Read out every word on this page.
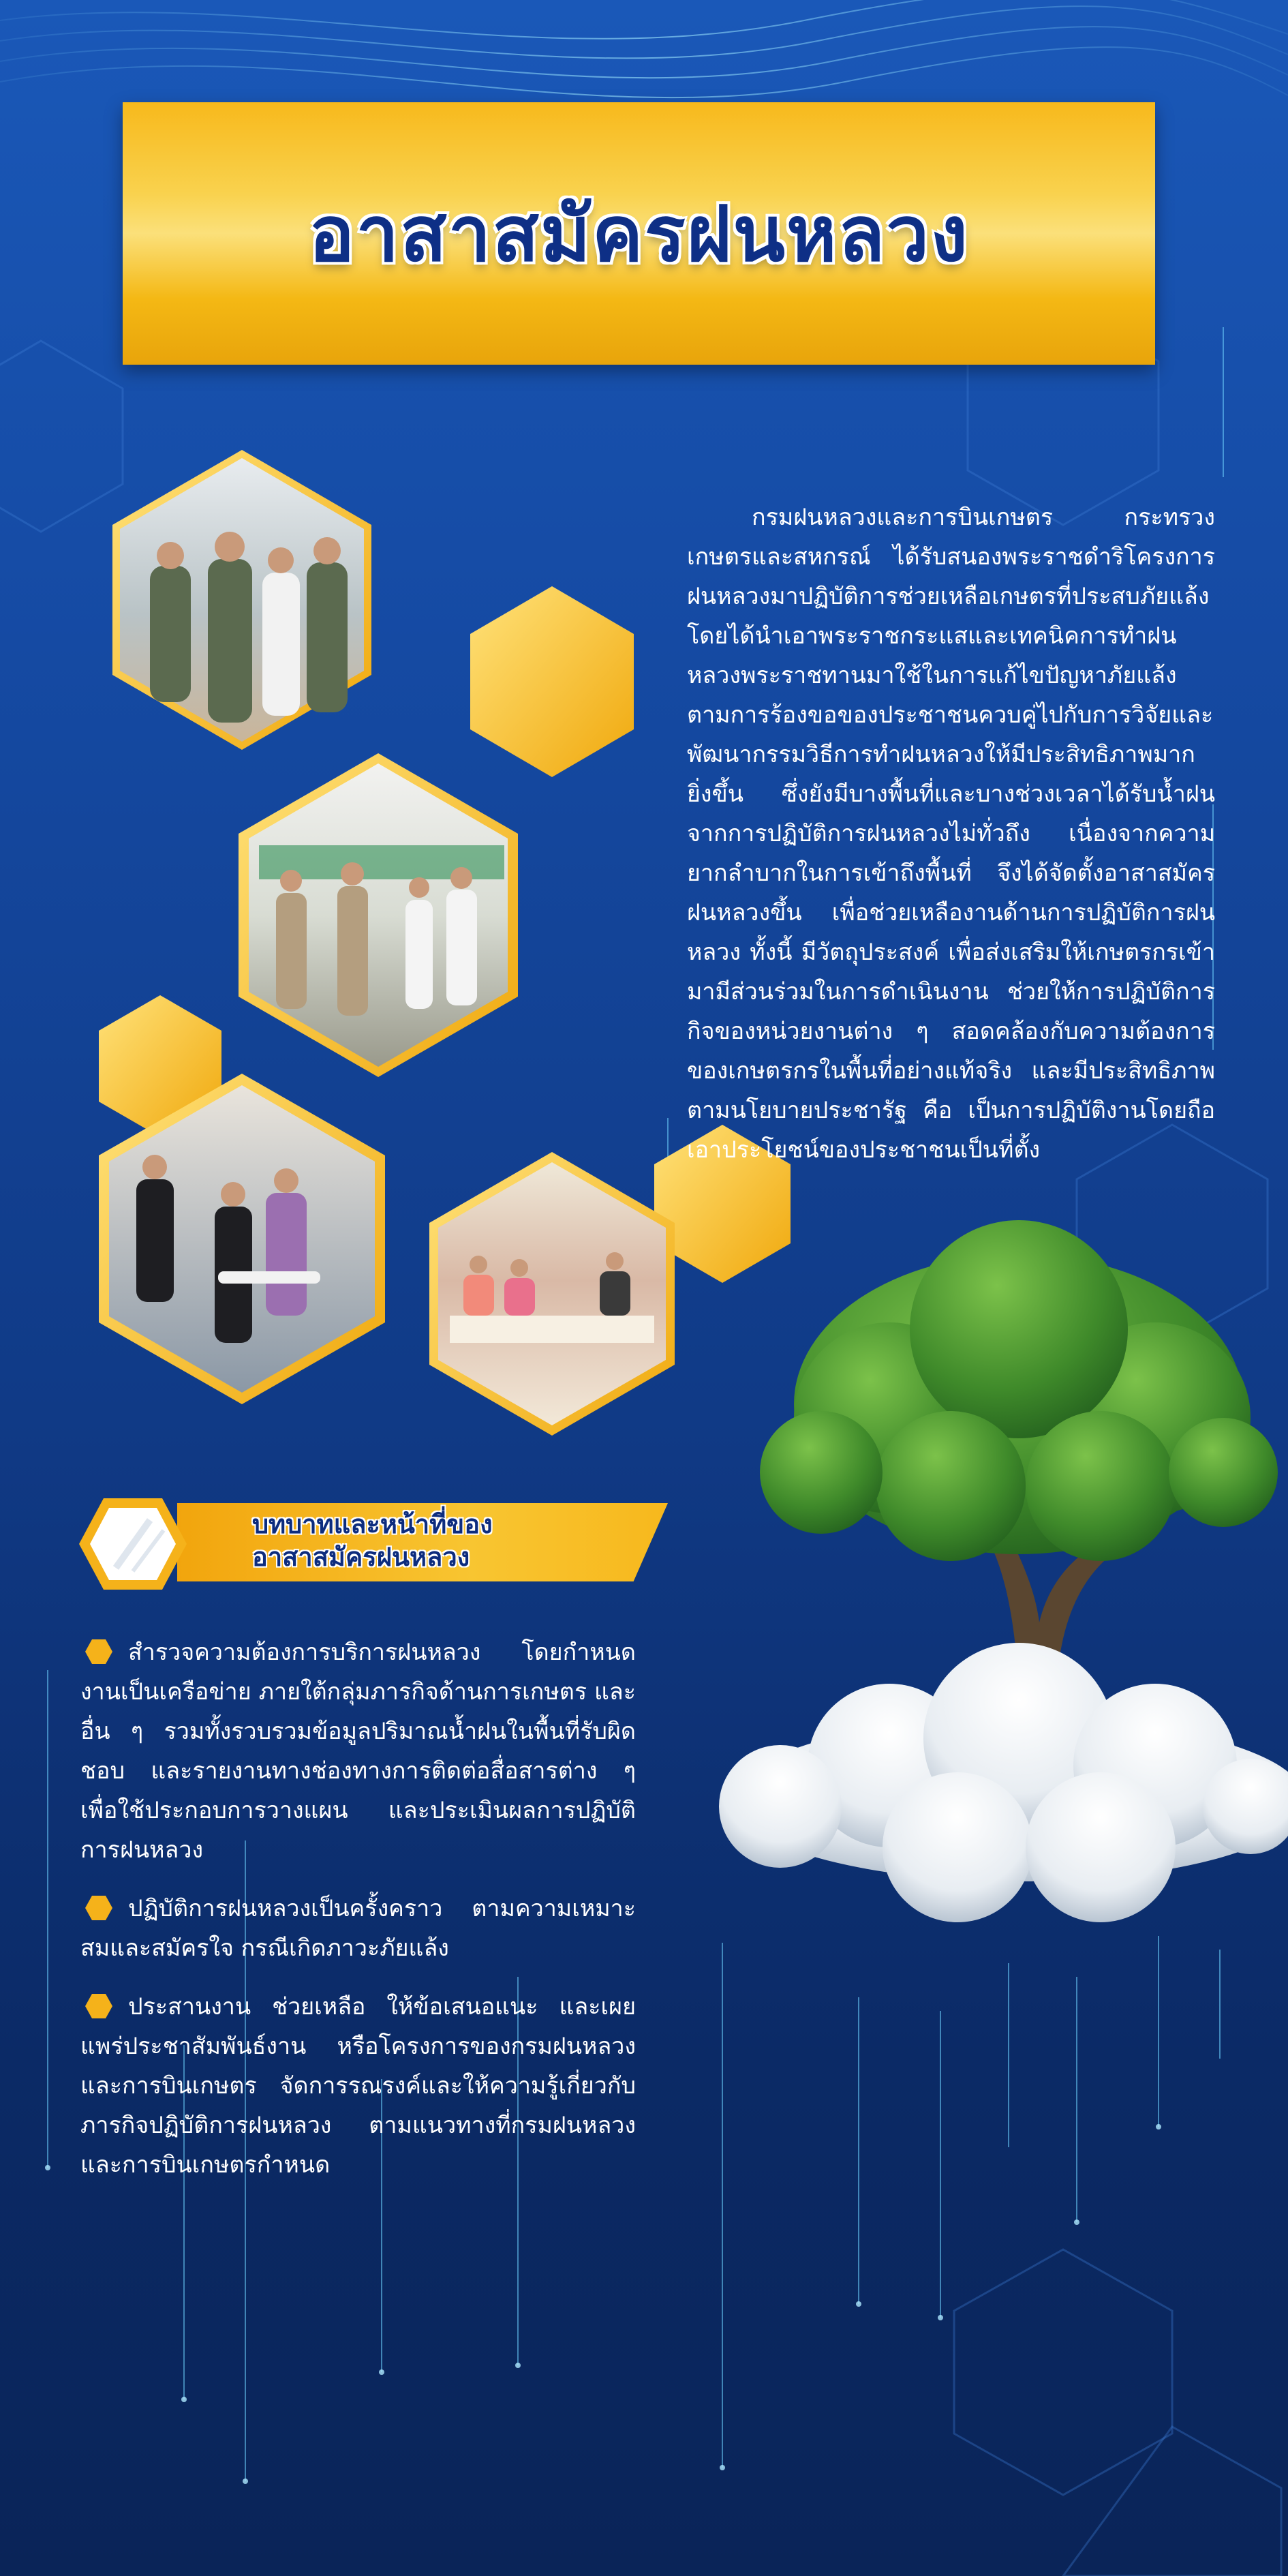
อาสาสมัครฝนหลวง
กรมฝนหลวงและการบินเกษตร กระทรวงเกษตรและสหกรณ์ ได้รับสนองพระราชดำริโครงการฝนหลวงมาปฏิบัติการช่วยเหลือเกษตรที่ประสบภัยแล้ง โดยได้นำเอาพระราชกระแสและเทคนิคการทำฝนหลวงพระราชทานมาใช้ในการแก้ไขปัญหาภัยแล้งตามการร้องขอของประชาชนควบคู่ไปกับการวิจัยและพัฒนากรรมวิธีการทำฝนหลวงให้มีประสิทธิภาพมากยิ่งขึ้น ซึ่งยังมีบางพื้นที่และบางช่วงเวลาได้รับน้ำฝนจากการปฏิบัติการฝนหลวงไม่ทั่วถึง เนื่องจากความยากลำบากในการเข้าถึงพื้นที่ จึงได้จัดตั้งอาสาสมัครฝนหลวงขึ้น เพื่อช่วยเหลืองานด้านการปฏิบัติการฝนหลวง ทั้งนี้ มีวัตถุประสงค์ เพื่อส่งเสริมให้เกษตรกรเข้ามามีส่วนร่วมในการดำเนินงาน ช่วยให้การปฏิบัติการกิจของหน่วยงานต่าง ๆ สอดคล้องกับความต้องการของเกษตรกรในพื้นที่อย่างแท้จริง และมีประสิทธิภาพตามนโยบายประชารัฐ คือ เป็นการปฏิบัติงานโดยถือเอาประโยชน์ของประชาชนเป็นที่ตั้ง
บทบาทและหน้าที่ของ
อาสาสมัครฝนหลวง
สำรวจความต้องการบริการฝนหลวง โดยกำหนดงานเป็นเครือข่าย ภายใต้กลุ่มภารกิจด้านการเกษตร และอื่น ๆ รวมทั้งรวบรวมข้อมูลปริมาณน้ำฝนในพื้นที่รับผิดชอบ และรายงานทางช่องทางการติดต่อสื่อสารต่าง ๆ เพื่อใช้ประกอบการวางแผน และประเมินผลการปฏิบัติการฝนหลวง
ปฏิบัติการฝนหลวงเป็นครั้งคราว ตามความเหมาะสมและสมัครใจ กรณีเกิดภาวะภัยแล้ง
ประสานงาน ช่วยเหลือ ให้ข้อเสนอแนะ และเผยแพร่ประชาสัมพันธ์งาน หรือโครงการของกรมฝนหลวงและการบินเกษตร จัดการรณรงค์และให้ความรู้เกี่ยวกับภารกิจปฏิบัติการฝนหลวง ตามแนวทางที่กรมฝนหลวงและการบินเกษตรกำหนด
